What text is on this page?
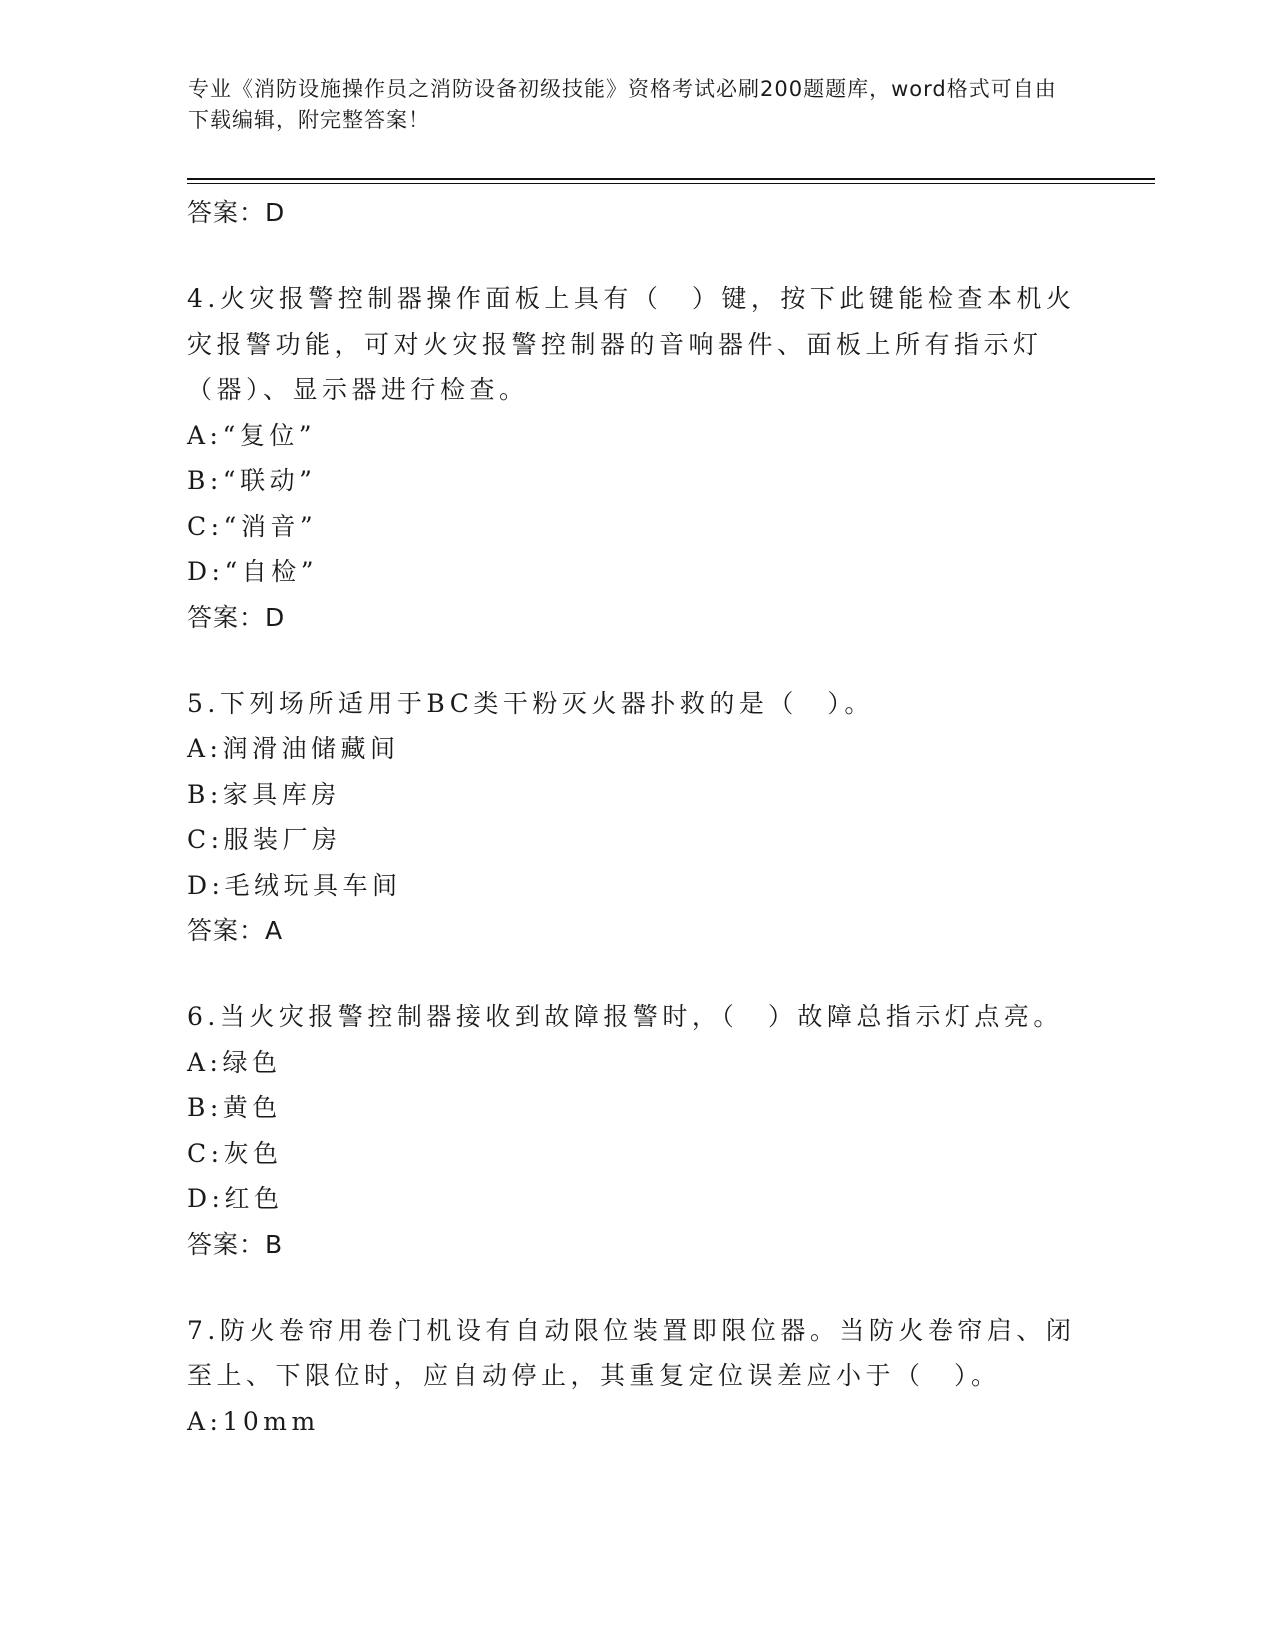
专业《消防设施操作员之消防设备初级技能》资格考试必刷200题题库，word格式可自由下载编辑，附完整答案！

答案：D

4.火灾报警控制器操作面板上具有（　）键，按下此键能检查本机火灾报警功能，可对火灾报警控制器的音响器件、面板上所有指示灯（器）、显示器进行检查。

A:“复位”

B:“联动”

C:“消音”

D:“自检”

答案：D

5.下列场所适用于BC类干粉灭火器扑救的是（　）。

A:润滑油储藏间

B:家具库房

C:服装厂房

D:毛绒玩具车间

答案：A

6.当火灾报警控制器接收到故障报警时，（　）故障总指示灯点亮。

A:绿色

B:黄色

C:灰色

D:红色

答案：B

7.防火卷帘用卷门机设有自动限位装置即限位器。当防火卷帘启、闭至上、下限位时，应自动停止，其重复定位误差应小于（　）。

A:10mm
